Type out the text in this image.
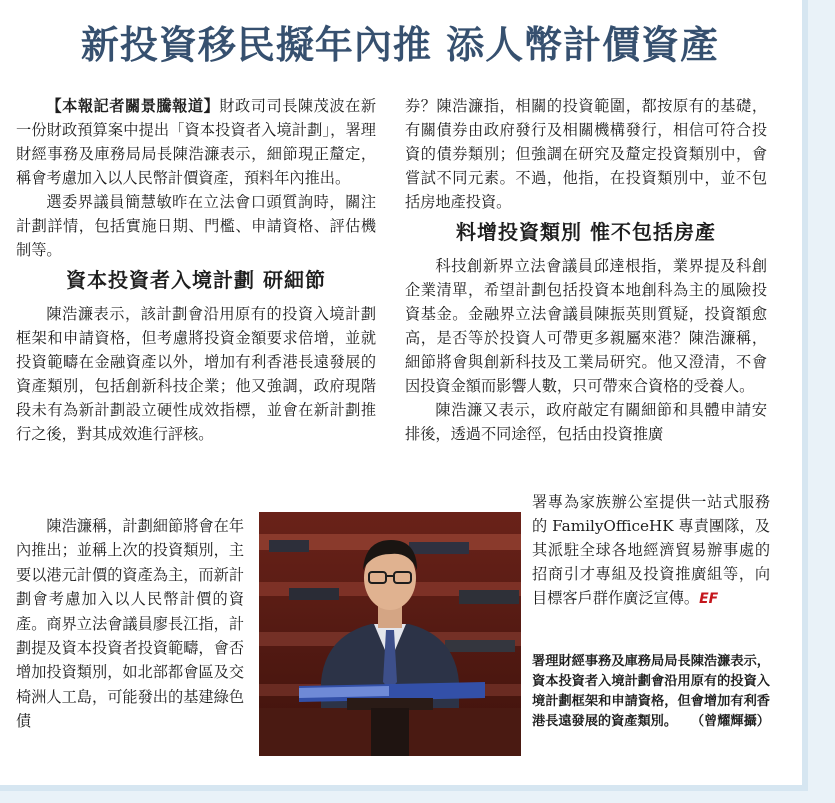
新投資移民擬年內推 添人幣計價資產

【本報記者關景騰報道】財政司司長陳茂波在新一份財政預算案中提出「資本投資者入境計劃」，署理財經事務及庫務局局長陳浩濂表示，細節現正釐定，稱會考慮加入以人民幣計價資產，預料年內推出。

選委界議員簡慧敏昨在立法會口頭質詢時，關注計劃詳情，包括實施日期、門檻、申請資格、評估機制等。

資本投資者入境計劃 研細節

陳浩濂表示，該計劃會沿用原有的投資入境計劃框架和申請資格，但考慮將投資金額要求倍增，並就投資範疇在金融資產以外，增加有利香港長遠發展的資產類別，包括創新科技企業；他又強調，政府現階段未有為新計劃設立硬性成效指標，並會在新計劃推行之後，對其成效進行評核。

陳浩濂稱，計劃細節將會在年內推出；並稱上次的投資類別，主要以港元計價的資產為主，而新計劃會考慮加入以人民幣計價的資產。商界立法會議員廖長江指，計劃提及資本投資者投資範疇，會否增加投資類別，如北部都會區及交椅洲人工島，可能發出的基建綠色債

券？陳浩濂指，相關的投資範圍，都按原有的基礎，有關債券由政府發行及相關機構發行，相信可符合投資的債券類別；但強調在研究及釐定投資類別中，會嘗試不同元素。不過，他指，在投資類別中，並不包括房地產投資。

料增投資類別 惟不包括房產

科技創新界立法會議員邱達根指，業界提及科創企業清單，希望計劃包括投資本地創科為主的風險投資基金。金融界立法會議員陳振英則質疑，投資額愈高，是否等於投資人可帶更多親屬來港？陳浩濂稱，細節將會與創新科技及工業局研究。他又澄清，不會因投資金額而影響人數，只可帶來合資格的受養人。

陳浩濂又表示，政府敲定有關細節和具體申請安排後，透過不同途徑，包括由投資推廣

署專為家族辦公室提供一站式服務的 FamilyOfficeHK 專責團隊，及其派駐全球各地經濟貿易辦事處的招商引才專組及投資推廣組等，向目標客戶群作廣泛宣傳。EF

署理財經事務及庫務局局長陳浩濂表示，資本投資者入境計劃會沿用原有的投資入境計劃框架和申請資格，但會增加有利香港長遠發展的資產類別。 （曾耀輝攝）
